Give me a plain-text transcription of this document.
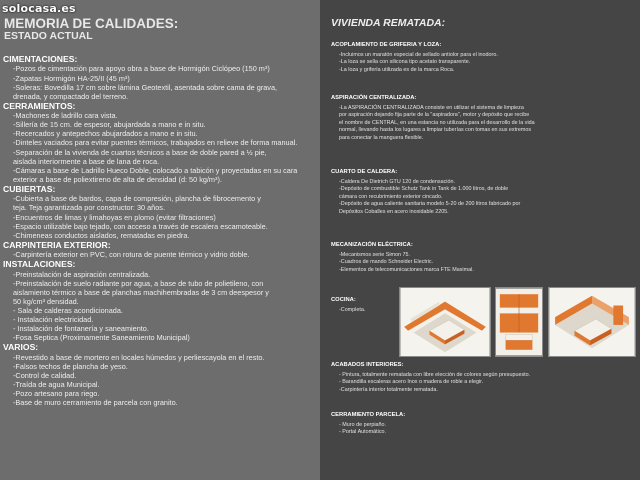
solocasa.es
MEMORIA DE CALIDADES:
ESTADO ACTUAL
CIMENTACIONES:
-Pozos de cimentación para apoyo obra a base de Hormigón Ciclópeo (150 m³)
-Zapatas Hormigón HA-25/II (45 m³)
-Soleras: Bovedilla 17 cm sobre lámina Geotextil, asentada sobre cama de grava,
drenada, y compactado del terreno.
CERRAMIENTOS:
-Machones de ladrillo cara vista.
-Sillería de 15 cm. de espesor, abujardada a mano e in situ.
-Recercados y antepechos abujardados a mano e in situ.
-Dinteles vaciados para evitar puentes térmicos, trabajados en relieve de forma manual.
-Separación de la vivienda de cuartos técnicos a base de doble pared a ½ pie,
aislada interiormente a base de lana de roca.
-Cámaras a base de Ladrillo Hueco Doble, colocado a tabicón y proyectadas en su cara
exterior a base de poliextireno de alta de densidad (d: 50 kg/m³).
CUBIERTAS:
-Cubierta a base de bardos, capa de compresión, plancha de fibrocemento y
teja. Teja garantizada por constructor: 30 años.
-Encuentros de limas y limahoyas en plomo (evitar filtraciones)
-Espacio utilizable bajo tejado, con acceso a través de escalera escamoteable.
-Chimeneas conductos aislados, rematadas en piedra.
CARPINTERIA EXTERIOR:
-Carpintería exterior en PVC, con rotura de puente térmico y vidrio doble.
INSTALACIONES:
-Preinstalación de aspiración centralizada.
-Preinstalación de suelo radiante por agua, a base de tubo de polietileno, con
aislamiento térmico a base de planchas machihembradas de 3 cm deespesor y
50 kg/cm³ densidad.
- Sala de calderas acondicionada.
- Instalación electricidad.
- Instalación de fontanería y saneamiento.
-Fosa Septica (Proximamente Saneamiento Municipal)
VARIOS:
-Revestido a base de mortero en locales húmedos y perliescayola en el resto.
-Falsos techos de plancha de yeso.
-Control de calidad.
-Traída de agua Municipal.
-Pozo artesano para riego.
-Base de muro cerramiento de parcela con granito.
VIVIENDA REMATADA:
ACOPLAMIENTO DE GRIFERIA Y LOZA:
-Incluimos un maratón especial de sellado antiolor para el inodoro.
-La loza se sella con silicona tipo acetato transparente.
-La loza y grifería utilizada es de la marca Roca.
ASPIRACIÓN CENTRALIZADA:
-La ASPIRACIÓN CENTRALIZADA consiste en utilizar el sistema de limpieza
por aspiración dejando fija parte de la "aspiradora", motor y depósito que recibe
el nombre de CENTRAL, en una estancia no utilizada para el desarrollo de la vida
normal, llevando hasta los lugares a limpiar tuberías con tomas en sus extremos
para conectar la manguera flexible.
CUARTO DE CALDERA:
-Caldera De Dietrich GTU 120 de condensación.
-Depósito de combustible Schutz Tank in Tank de 1.000 litros, de doble
cámara con recubrimiento exterior cincado.
-Depósito de agua caliente sanitaria modelo 5-20 de 200 litros fabricado por
Depósitos Coballes en acero inoxidable 2205.
MECANIZACIÓN ELÉCTRICA:
-Mecanismos serie Simon 75.
-Cuadros de mando Schneider Electric.
-Elementos de telecomunicaciones marca FTE Maximal.
COCINA:
-Completa.
ACABADOS INTERIORES:
- Pintura, totalmente rematada con libre elección de colores según presupuesto.
- Barandilla escaleras acero Inox o madera de roble a elegir.
-Carpintería interior totalmente rematada.
CERRAMIENTO PARCELA:
- Muro de perpiaño.
- Portal Automático.
